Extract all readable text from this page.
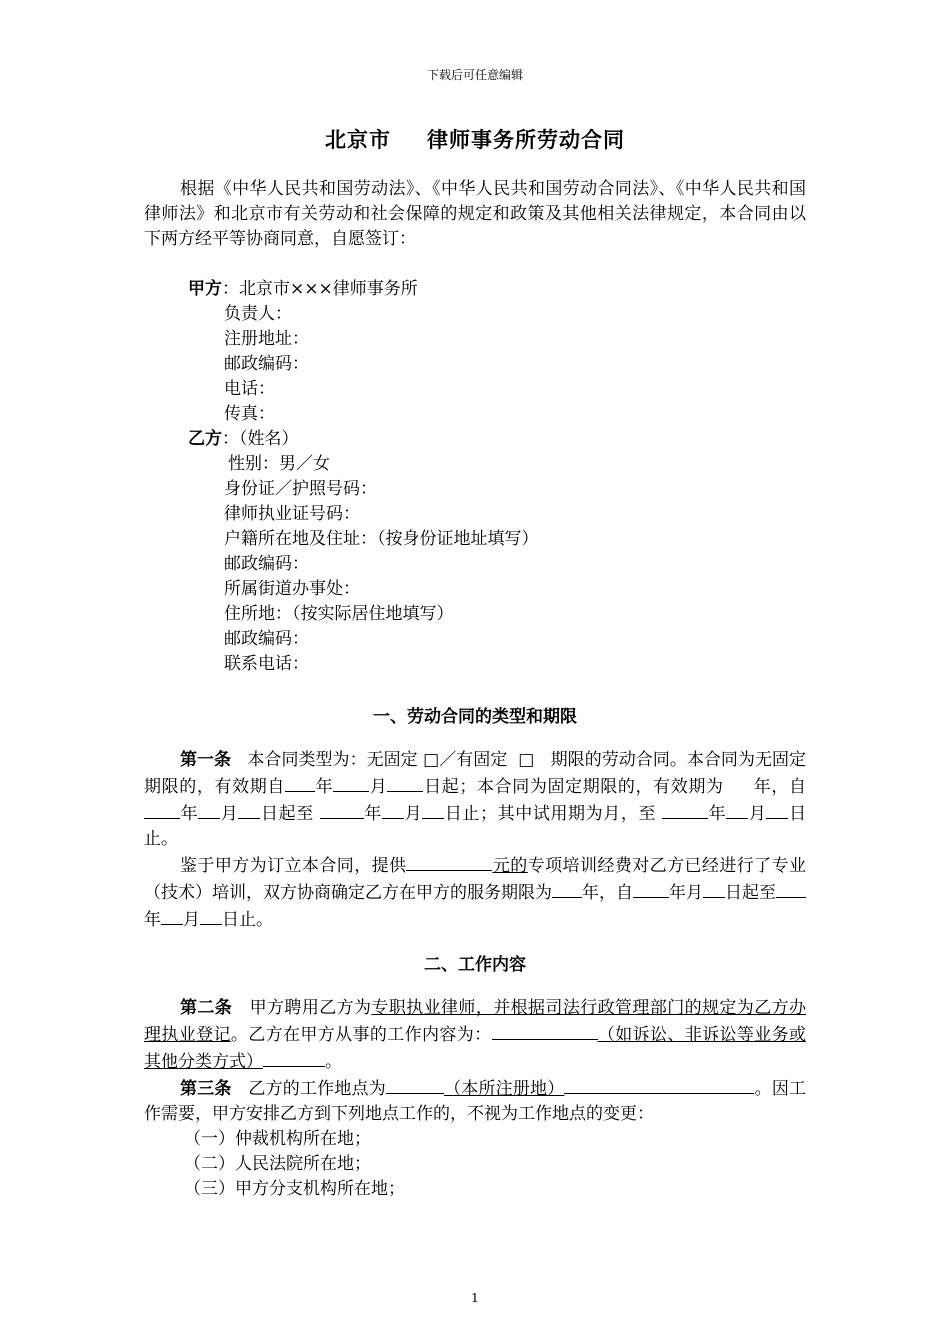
下载后可任意编辑
北京市 律师事务所劳动合同
根据《中华人民共和国劳动法》、《中华人民共和国劳动合同法》、《中华人民共和国律师法》和北京市有关劳动和社会保障的规定和政策及其他相关法律规定，本合同由以下两方经平等协商同意，自愿签订：
甲方：北京市×××律师事务所
负责人：
注册地址：
邮政编码：
电话：
传真：
乙方：（姓名）
性别：男／女
身份证／护照号码：
律师执业证号码：
户籍所在地及住址：（按身份证地址填写）
邮政编码：
所属街道办事处：
住所地：（按实际居住地填写）
邮政编码：
联系电话：
一、劳动合同的类型和期限

第一条 本合同类型为：无固定 □／有固定 □ 期限的劳动合同。本合同为无固定期限的，有效期自 年 月 日起；本合同为固定期限的，有效期为 年，自年 月 日起至	年 月 日止；其中试用期为月，至	年 月 日止。

鉴于甲方为订立本合同，提供	元的专项培训经费对乙方已经进行了专业（技术）培训，双方协商确定乙方在甲方的服务期限为 年，自 年月 日起至年 月 日止。

二、工作内容

第二条 甲方聘用乙方为专职执业律师，并根据司法行政管理部门的规定为乙方办理执业登记。乙方在甲方从事的工作内容为：	（如诉讼、非诉讼等业务或其他分类方式）	。

第三条 乙方的工作地点为	（本所注册地）	。因工作需要，甲方安排乙方到下列地点工作的，不视为工作地点的变更：

（一）仲裁机构所在地；

（二）人民法院所在地；

（三）甲方分支机构所在地；

1
